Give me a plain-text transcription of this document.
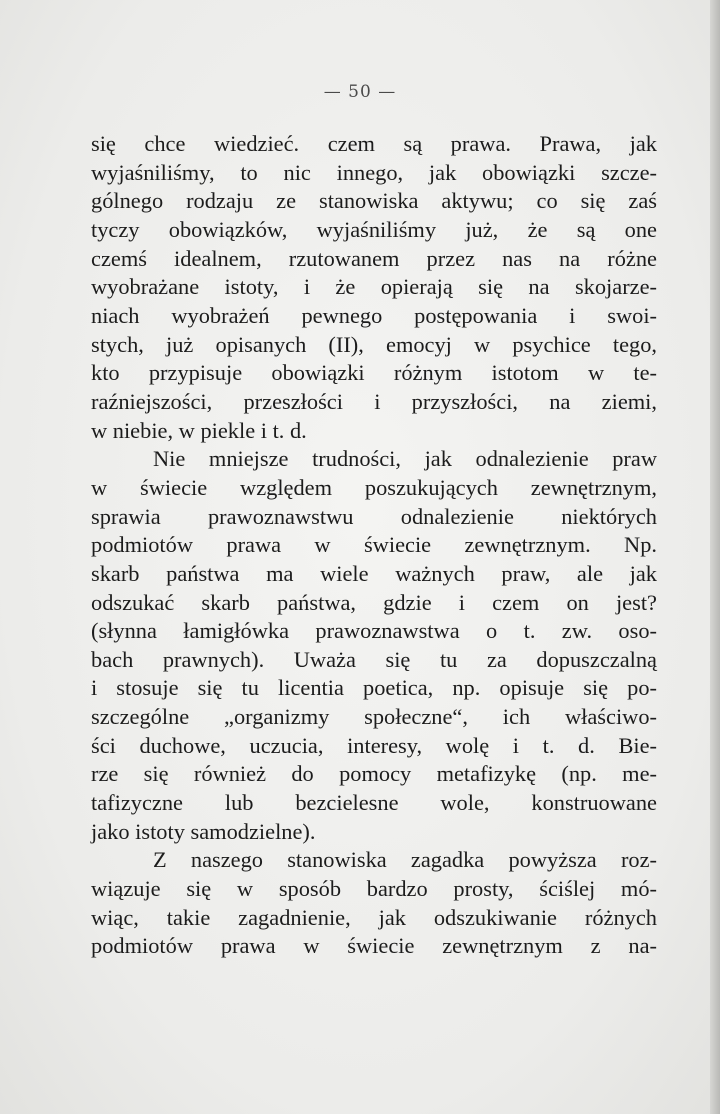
— 50 —
się chce wiedzieć. czem są prawa. Prawa, jak
wyjaśniliśmy, to nic innego, jak obowiązki szcze-
gólnego rodzaju ze stanowiska aktywu; co się zaś
tyczy obowiązków, wyjaśniliśmy już, że są one
czemś idealnem, rzutowanem przez nas na różne
wyobrażane istoty, i że opierają się na skojarze-
niach wyobrażeń pewnego postępowania i swoi-
stych, już opisanych (II), emocyj w psychice tego,
kto przypisuje obowiązki różnym istotom w te-
raźniejszości, przeszłości i przyszłości, na ziemi,
w niebie, w piekle i t. d.
Nie mniejsze trudności, jak odnalezienie praw
w świecie względem poszukujących zewnętrznym,
sprawia prawoznawstwu odnalezienie niektórych
podmiotów prawa w świecie zewnętrznym. Np.
skarb państwa ma wiele ważnych praw, ale jak
odszukać skarb państwa, gdzie i czem on jest?
(słynna łamigłówka prawoznawstwa o t. zw. oso-
bach prawnych). Uważa się tu za dopuszczalną
i stosuje się tu licentia poetica, np. opisuje się po-
szczególne „organizmy społeczne“, ich właściwo-
ści duchowe, uczucia, interesy, wolę i t. d. Bie-
rze się również do pomocy metafizykę (np. me-
tafizyczne lub bezcielesne wole, konstruowane
jako istoty samodzielne).
Z naszego stanowiska zagadka powyższa roz-
wiązuje się w sposób bardzo prosty, ściślej mó-
wiąc, takie zagadnienie, jak odszukiwanie różnych
podmiotów prawa w świecie zewnętrznym z na-
